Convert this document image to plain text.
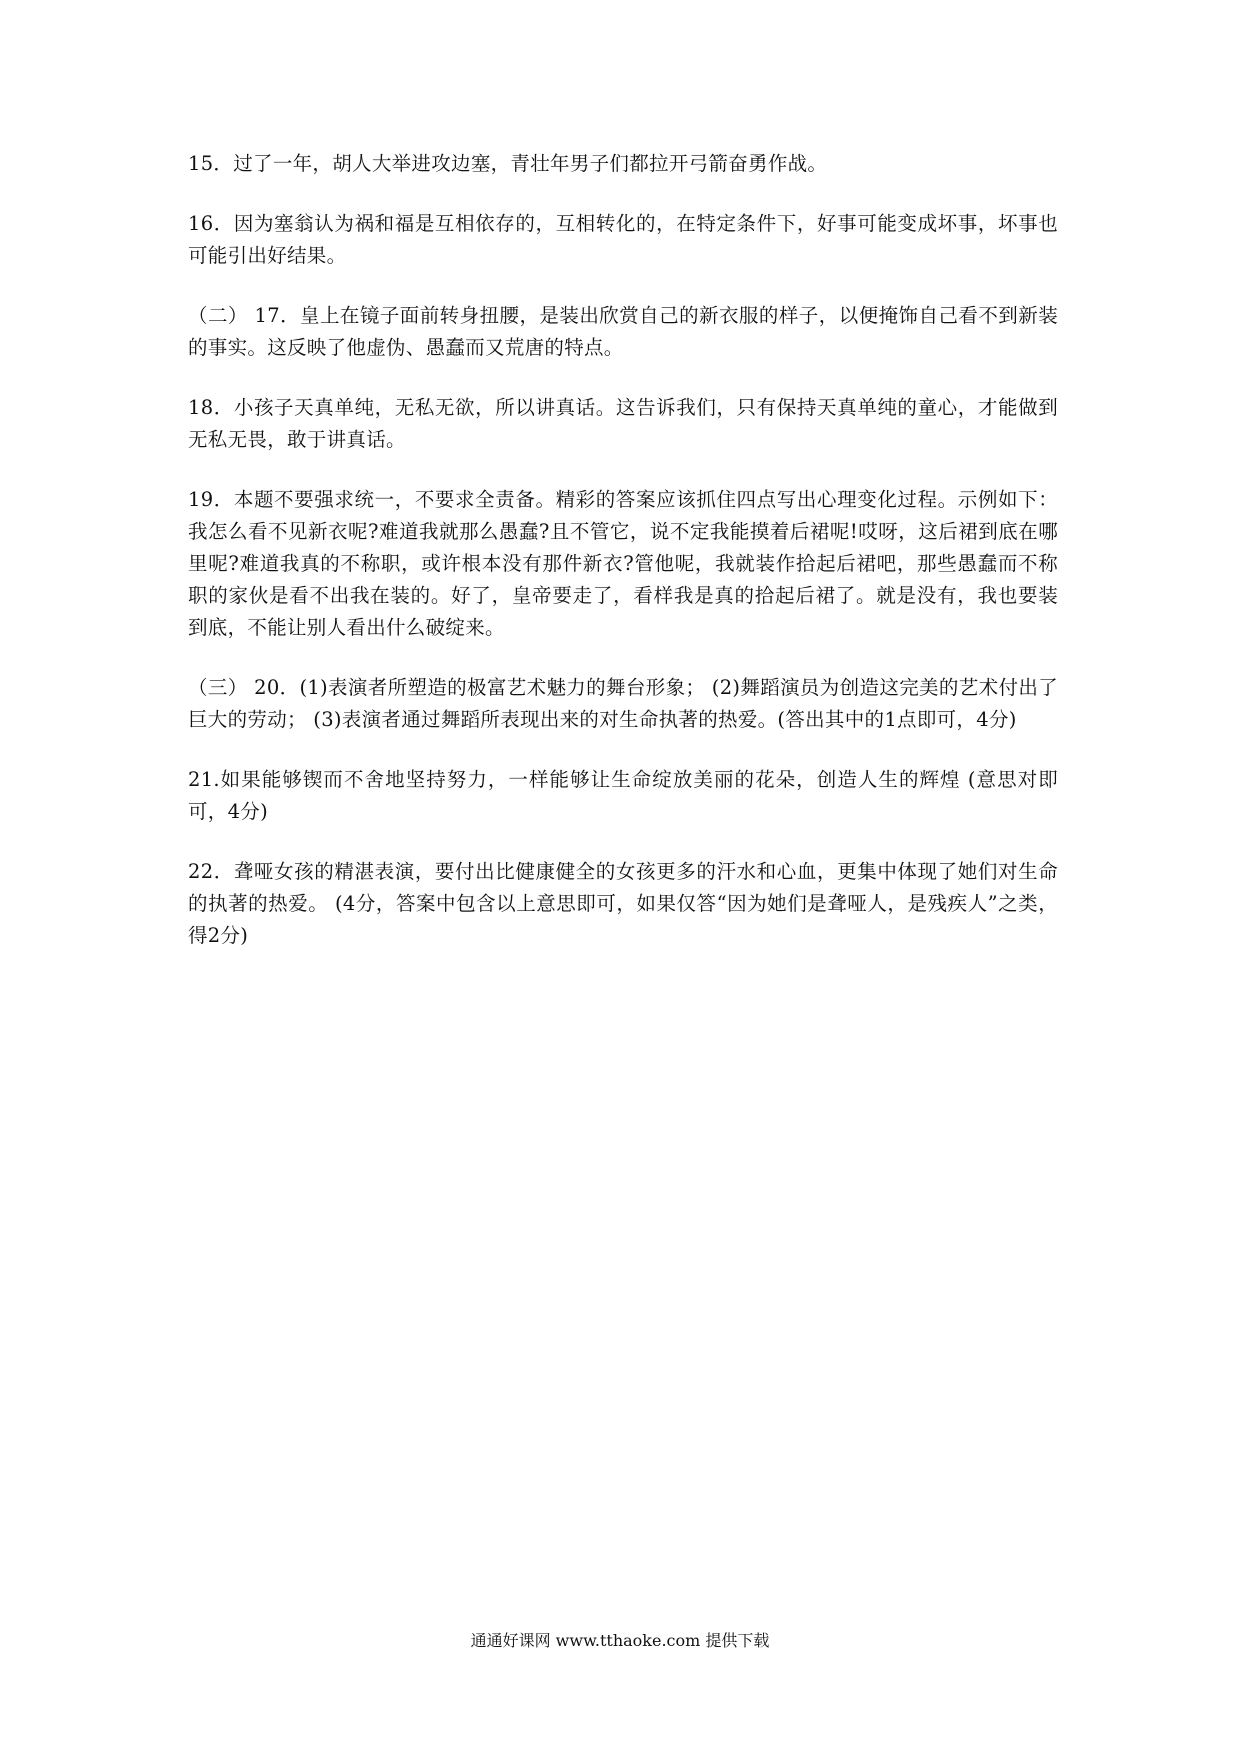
15．过了一年，胡人大举进攻边塞，青壮年男子们都拉开弓箭奋勇作战。

16．因为塞翁认为祸和福是互相依存的，互相转化的，在特定条件下，好事可能变成坏事，坏事也可能引出好结果。

（二） 17．皇上在镜子面前转身扭腰，是装出欣赏自己的新衣服的样子，以便掩饰自己看不到新装的事实。这反映了他虚伪、愚蠢而又荒唐的特点。

18．小孩子天真单纯，无私无欲，所以讲真话。这告诉我们，只有保持天真单纯的童心，才能做到无私无畏，敢于讲真话。

19．本题不要强求统一，不要求全责备。精彩的答案应该抓住四点写出心理变化过程。示例如下：我怎么看不见新衣呢?难道我就那么愚蠢?且不管它，说不定我能摸着后裙呢!哎呀，这后裙到底在哪里呢?难道我真的不称职，或许根本没有那件新衣?管他呢，我就装作拾起后裙吧，那些愚蠢而不称职的家伙是看不出我在装的。好了，皇帝要走了，看样我是真的拾起后裙了。就是没有，我也要装到底，不能让别人看出什么破绽来。

（三） 20．(1)表演者所塑造的极富艺术魅力的舞台形象； (2)舞蹈演员为创造这完美的艺术付出了巨大的劳动； (3)表演者通过舞蹈所表现出来的对生命执著的热爱。(答出其中的1点即可，4分)

21.如果能够锲而不舍地坚持努力，一样能够让生命绽放美丽的花朵，创造人生的辉煌 (意思对即可，4分)

22．聋哑女孩的精湛表演，要付出比健康健全的女孩更多的汗水和心血，更集中体现了她们对生命的执著的热爱。 (4分，答案中包含以上意思即可，如果仅答“因为她们是聋哑人，是残疾人”之类，得2分)

通通好课网 www.tthaoke.com 提供下载
